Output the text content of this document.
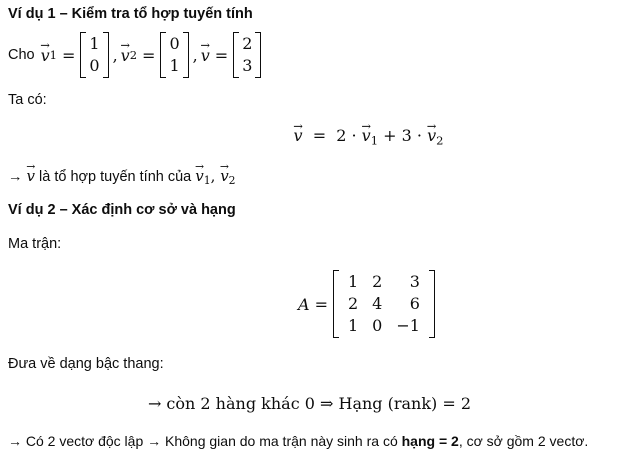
Ví dụ 1 – Kiểm tra tổ hợp tuyến tính
Cho → v 1 =
1
0
, → v 2 =
0
1
, → v =
2
3
Ta có:
→ v = 2 · → $v_1 + 3$ · → $v_2$
→ → v là tổ hợp tuyến tính của → $v_1$, → $v_2$
Ví dụ 2 – Xác định cơ sở và hạng
Ma trận:
A =
1	2	3
2	4	6
1	0	−1
Đưa về dạng bậc thang:
→ còn 2 hàng khác 0 ⇒ Hạng (rank) = 2
→ Có 2 vectơ độc lập → Không gian do ma trận này sinh ra có hạng = 2, cơ sở gồm 2 vectơ.
